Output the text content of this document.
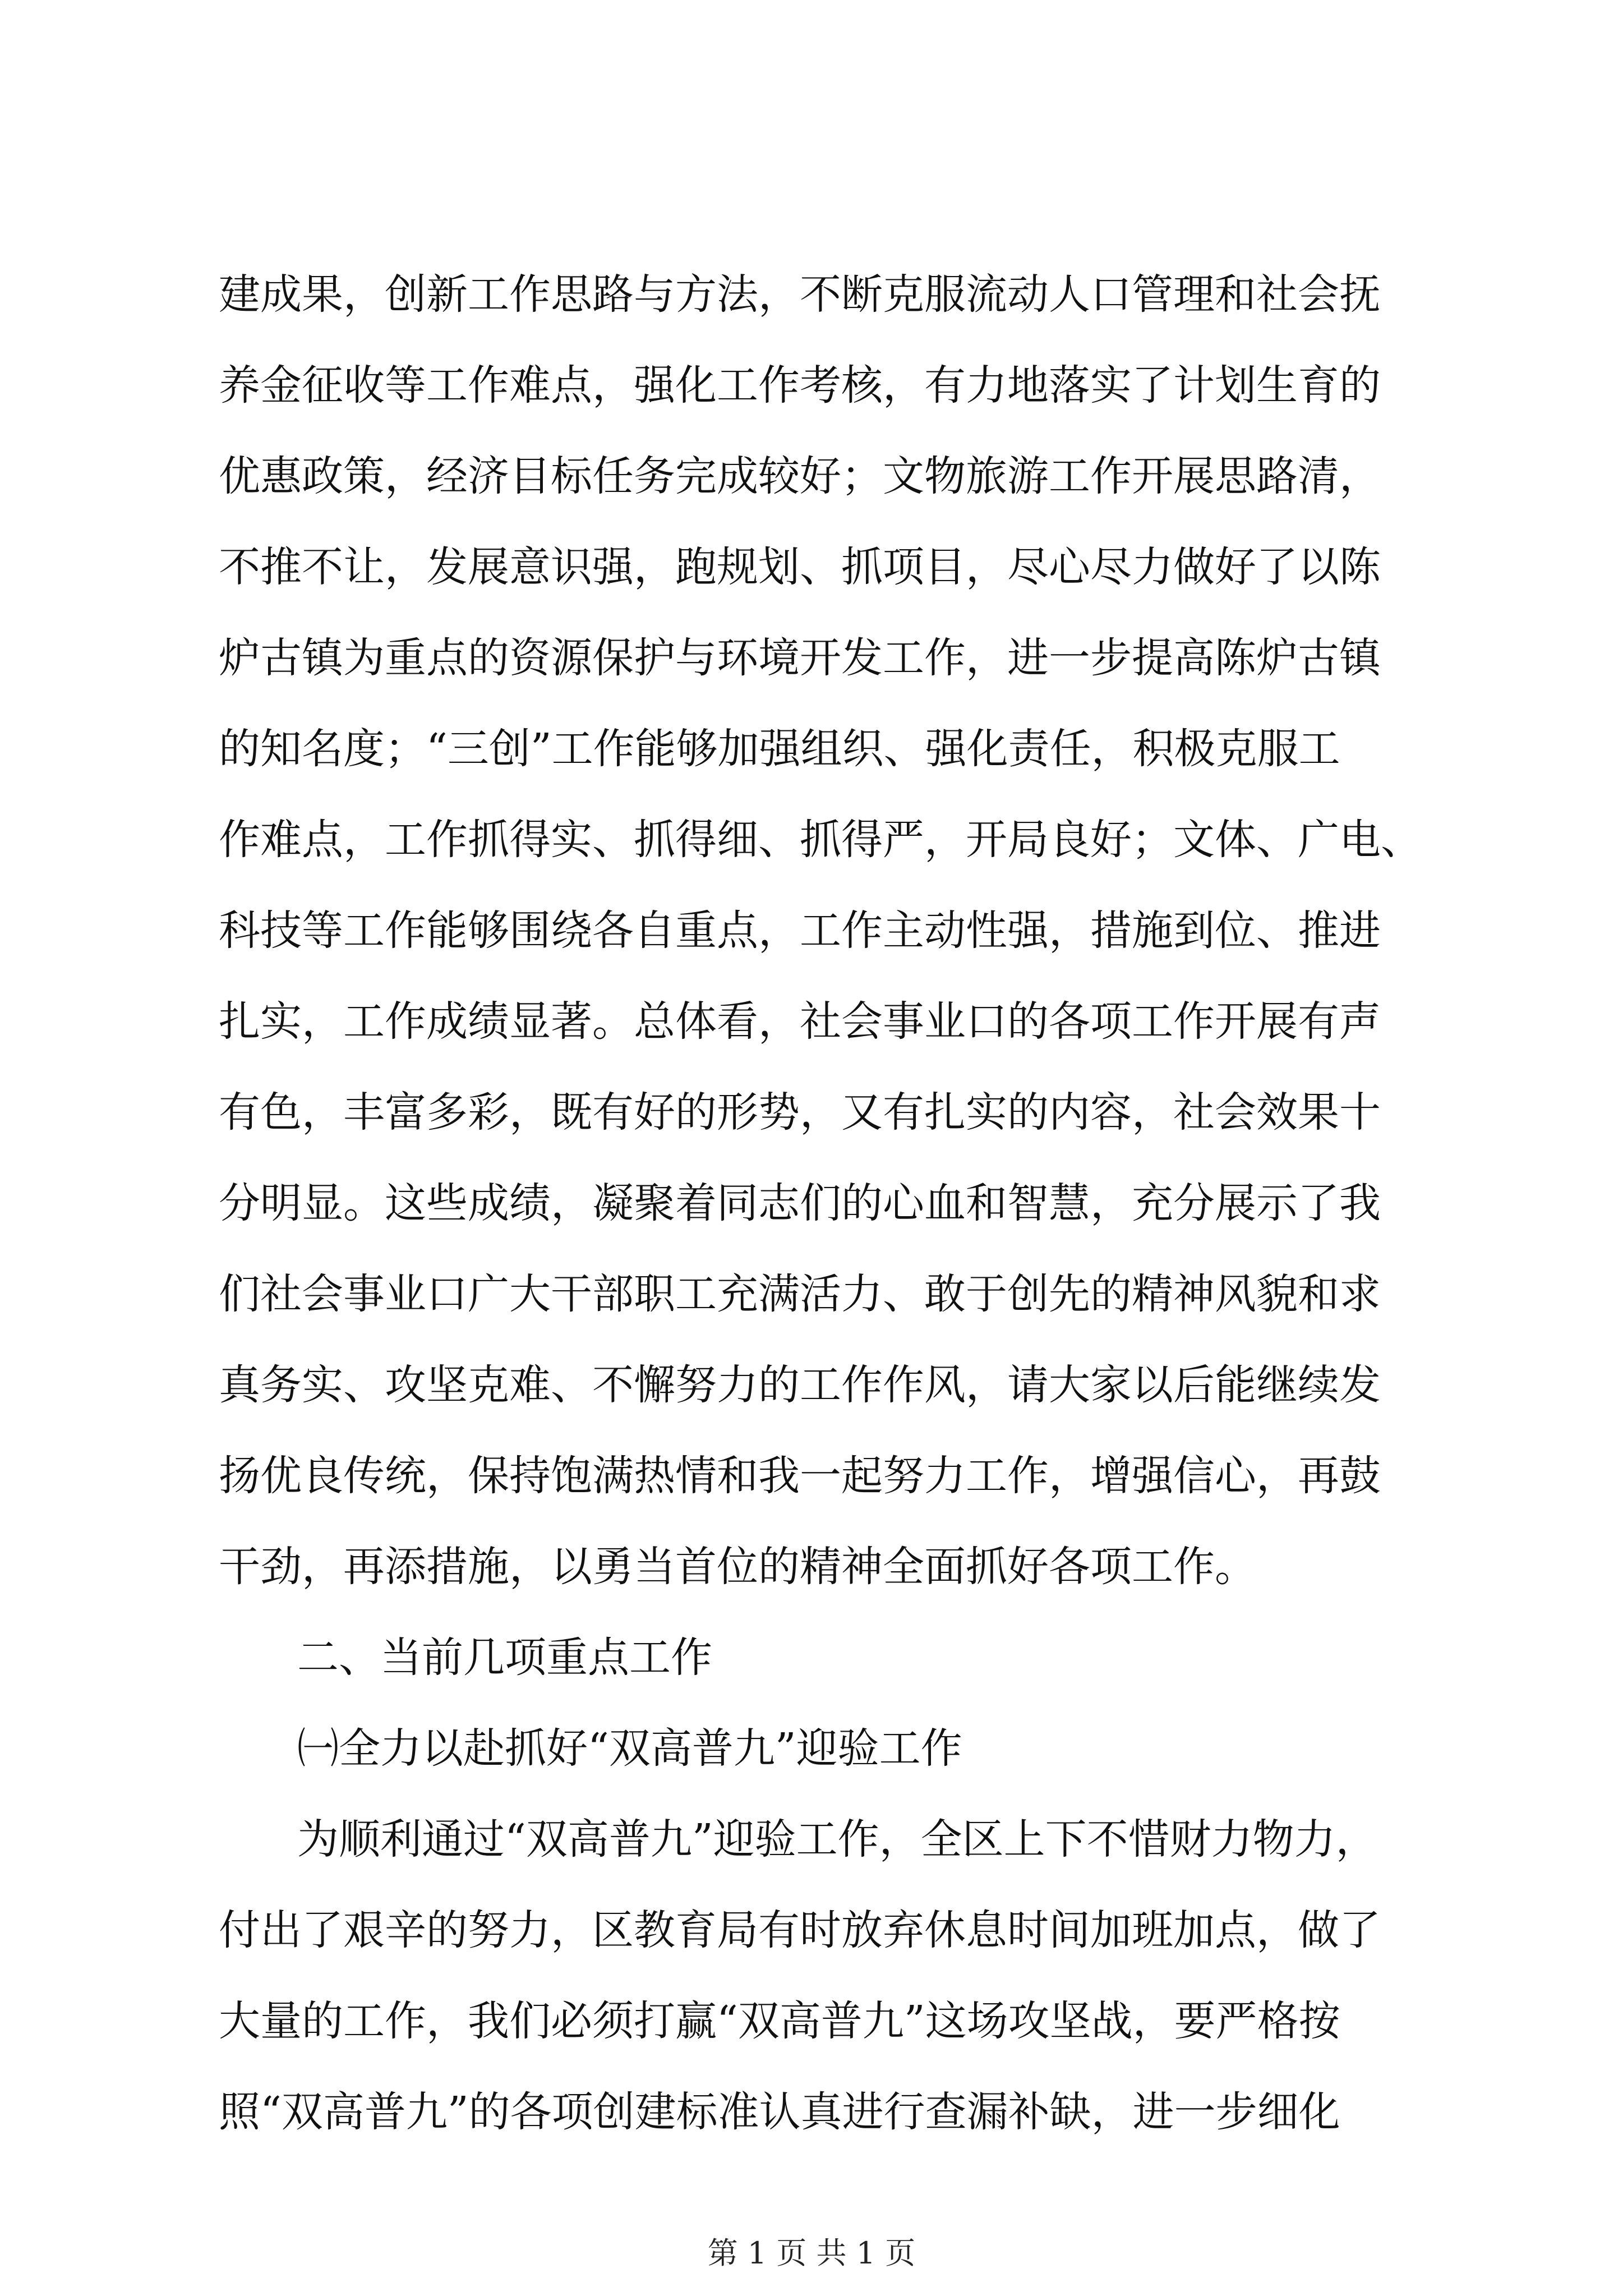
建成果，创新工作思路与方法，不断克服流动人口管理和社会抚
养金征收等工作难点，强化工作考核，有力地落实了计划生育的
优惠政策，经济目标任务完成较好；文物旅游工作开展思路清，
不推不让，发展意识强，跑规划、抓项目，尽心尽力做好了以陈
炉古镇为重点的资源保护与环境开发工作，进一步提高陈炉古镇
的知名度；“三创”工作能够加强组织、强化责任，积极克服工
作难点，工作抓得实、抓得细、抓得严，开局良好；文体、广电、
科技等工作能够围绕各自重点，工作主动性强，措施到位、推进
扎实，工作成绩显著。总体看，社会事业口的各项工作开展有声
有色，丰富多彩，既有好的形势，又有扎实的内容，社会效果十
分明显。这些成绩，凝聚着同志们的心血和智慧，充分展示了我
们社会事业口广大干部职工充满活力、敢于创先的精神风貌和求
真务实、攻坚克难、不懈努力的工作作风，请大家以后能继续发
扬优良传统，保持饱满热情和我一起努力工作，增强信心，再鼓
干劲，再添措施，以勇当首位的精神全面抓好各项工作。
二、当前几项重点工作
㈠全力以赴抓好“双高普九”迎验工作
为顺利通过“双高普九”迎验工作，全区上下不惜财力物力，
付出了艰辛的努力，区教育局有时放弃休息时间加班加点，做了
大量的工作，我们必须打赢“双高普九”这场攻坚战，要严格按
照“双高普九”的各项创建标准认真进行查漏补缺，进一步细化
第 1 页 共 1 页
